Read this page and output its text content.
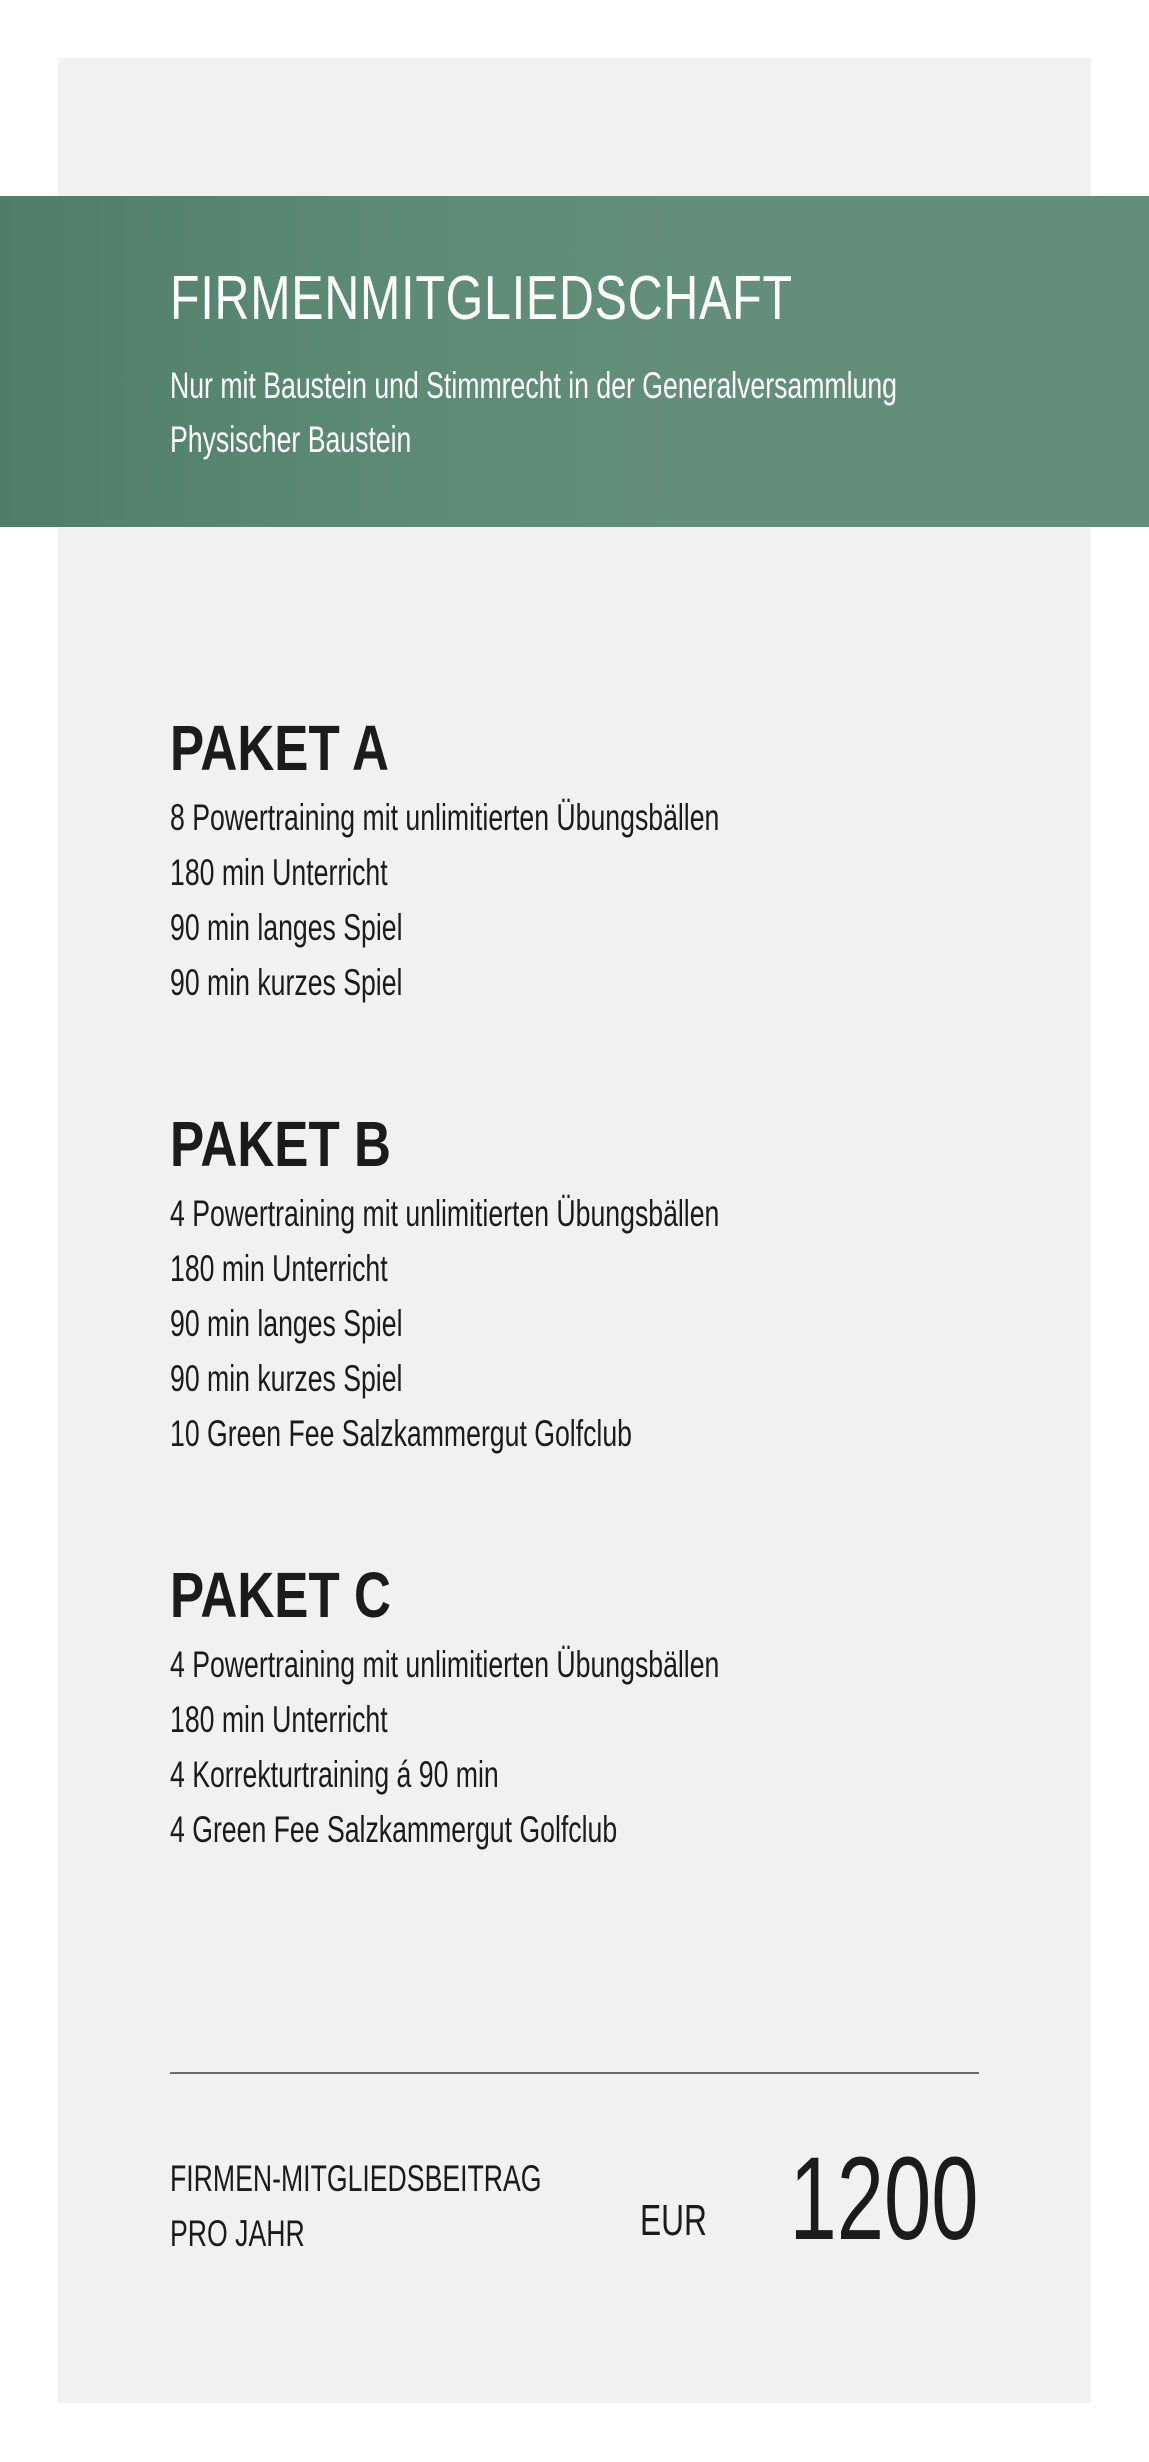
FIRMENMITGLIEDSCHAFT
Nur mit Baustein und Stimmrecht in der Generalversammlung
Physischer Baustein
PAKET A
8 Powertraining mit unlimitierten Übungsbällen
180 min Unterricht
90 min langes Spiel
90 min kurzes Spiel
PAKET B
4 Powertraining mit unlimitierten Übungsbällen
180 min Unterricht
90 min langes Spiel
90 min kurzes Spiel
10 Green Fee Salzkammergut Golfclub
PAKET C
4 Powertraining mit unlimitierten Übungsbällen
180 min Unterricht
4 Korrekturtraining á 90 min
4 Green Fee Salzkammergut Golfclub
FIRMEN-MITGLIEDSBEITRAG
PRO JAHR	EUR 1200
